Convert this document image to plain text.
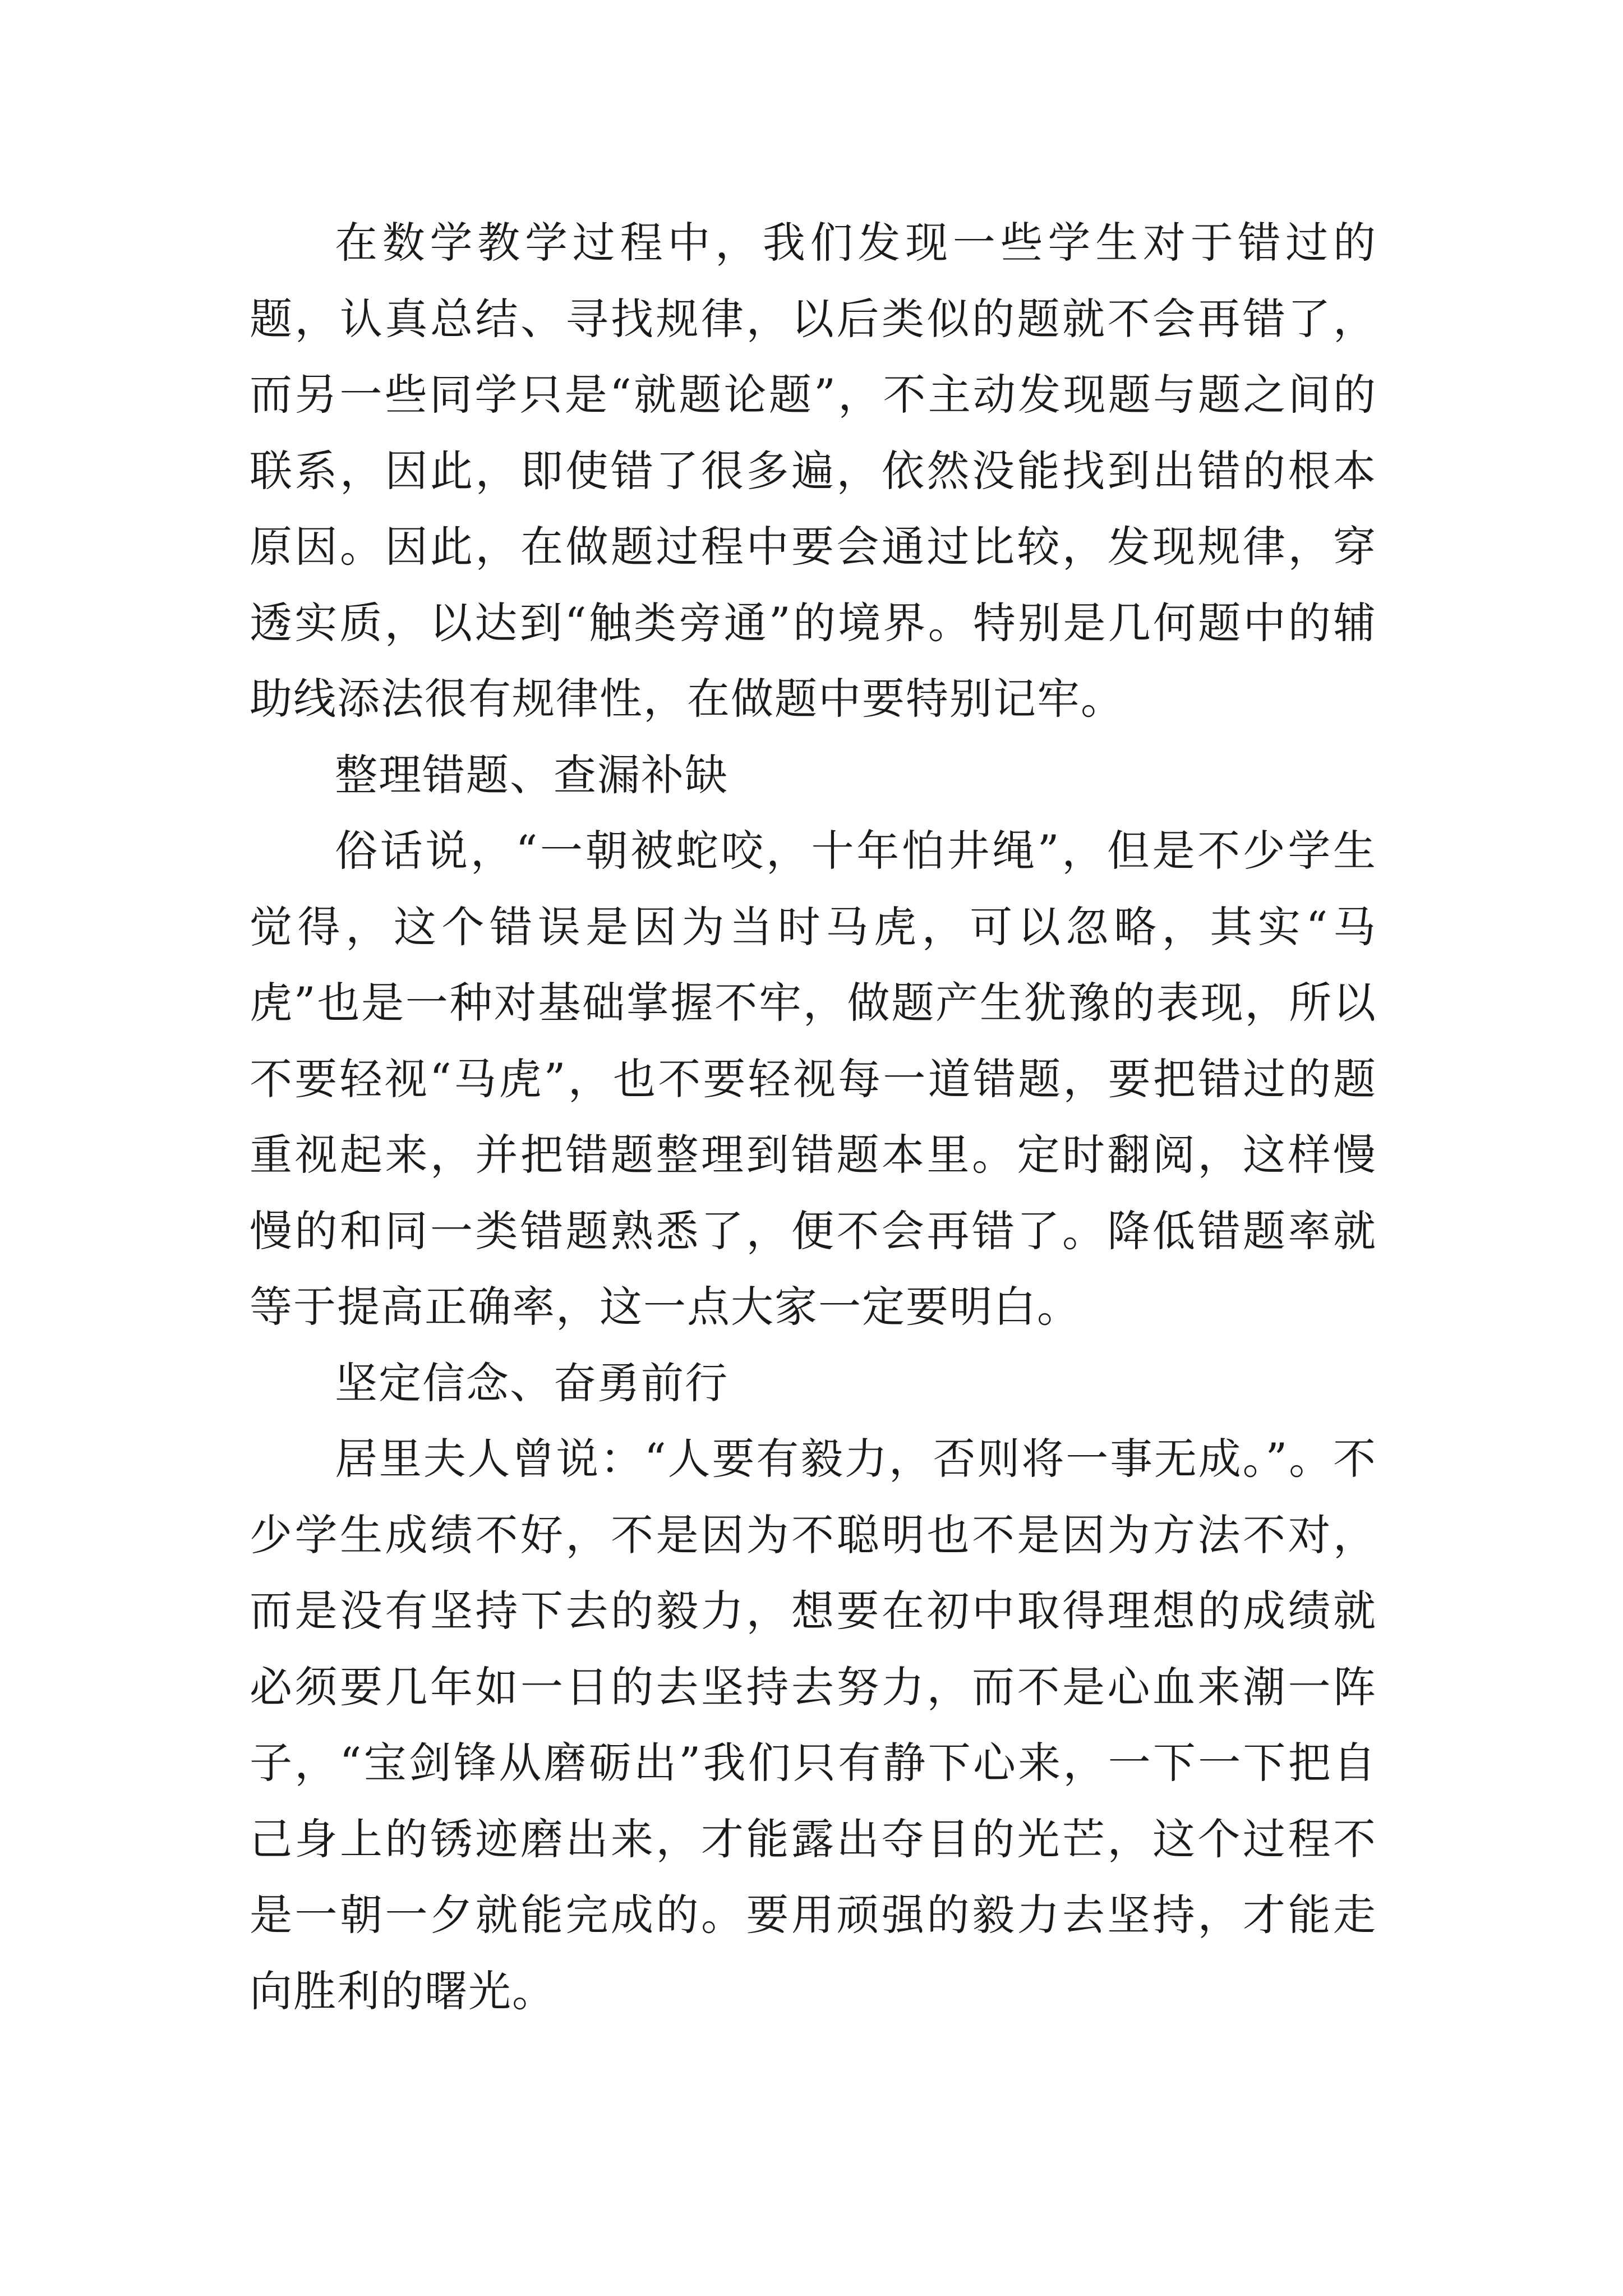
在数学教学过程中，我们发现一些学生对于错过的题，认真总结、寻找规律，以后类似的题就不会再错了，而另一些同学只是“就题论题”，不主动发现题与题之间的联系，因此，即使错了很多遍，依然没能找到出错的根本原因。因此，在做题过程中要会通过比较，发现规律，穿透实质，以达到“触类旁通”的境界。特别是几何题中的辅助线添法很有规律性，在做题中要特别记牢。

整理错题、查漏补缺

俗话说，“一朝被蛇咬，十年怕井绳”，但是不少学生觉得，这个错误是因为当时马虎，可以忽略，其实“马虎”也是一种对基础掌握不牢，做题产生犹豫的表现，所以不要轻视“马虎”，也不要轻视每一道错题，要把错过的题重视起来，并把错题整理到错题本里。定时翻阅，这样慢慢的和同一类错题熟悉了，便不会再错了。降低错题率就等于提高正确率，这一点大家一定要明白。

坚定信念、奋勇前行

居里夫人曾说：“人要有毅力，否则将一事无成。”。不少学生成绩不好，不是因为不聪明也不是因为方法不对，而是没有坚持下去的毅力，想要在初中取得理想的成绩就必须要几年如一日的去坚持去努力，而不是心血来潮一阵子，“宝剑锋从磨砺出”我们只有静下心来，一下一下把自己身上的锈迹磨出来，才能露出夺目的光芒，这个过程不是一朝一夕就能完成的。要用顽强的毅力去坚持，才能走向胜利的曙光。
